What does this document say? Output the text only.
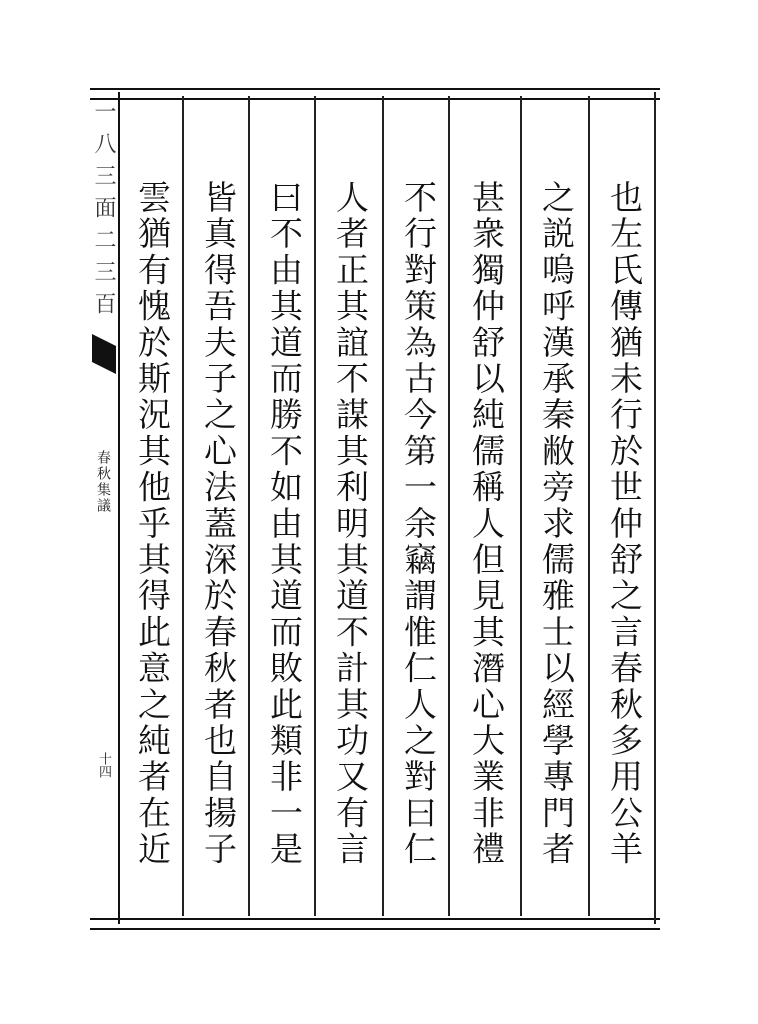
一八三面二三百
春秋集議
十四	也左氏傳猶未行於世仲舒之言春秋多用公羊
之説嗚呼漢承秦敝旁求儒雅士以經學專門者
甚衆獨仲舒以純儒稱人但見其潛心大業非禮
不行對策為古今第一余竊謂惟仁人之對曰仁
人者正其誼不謀其利明其道不計其功又有言
曰不由其道而勝不如由其道而敗此類非一是
皆真得吾夫子之心法蓋深於春秋者也自揚子
雲猶有愧於斯況其他乎其得此意之純者在近
